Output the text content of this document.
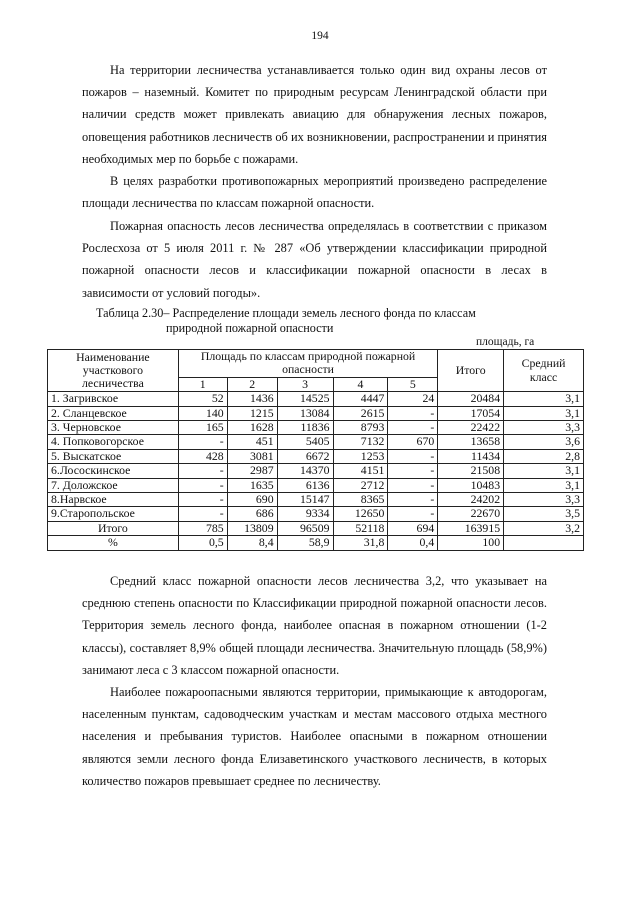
194

На территории лесничества устанавливается только один вид охраны лесов от пожаров – наземный. Комитет по природным ресурсам Ленинградской области при наличии средств может привлекать авиацию для обнаружения лесных пожаров, оповещения работников лесничеств об их возникновении, распространении и принятия необходимых мер по борьбе с пожарами.

В целях разработки противопожарных мероприятий произведено распределение площади лесничества по классам пожарной опасности.

Пожарная опасность лесов лесничества определялась в соответствии с приказом Рослесхоза от 5 июля 2011 г. № 287 «Об утверждении классификации природной пожарной опасности лесов и классификации пожарной опасности в лесах в зависимости от условий погоды».

Таблица 2.30– Распределение площади земель лесного фонда по классам
природной пожарной опасности
площадь, га
Наименование участкового лесничества	Площадь по классам природной пожарной опасности					Итого	Средний класс
	1	2	3	4	5		
1. Загривское	52	1436	14525	4447	24	20484	3,1
2. Сланцевское	140	1215	13084	2615	-	17054	3,1
3. Черновское	165	1628	11836	8793	-	22422	3,3
4. Попковогорское	-	451	5405	7132	670	13658	3,6
5. Выскатское	428	3081	6672	1253	-	11434	2,8
6.Лососкинское	-	2987	14370	4151	-	21508	3,1
7. Доложское	-	1635	6136	2712	-	10483	3,1
8.Нарвское	-	690	15147	8365	-	24202	3,3
9.Старопольское	-	686	9334	12650	-	22670	3,5
Итого	785	13809	96509	52118	694	163915	3,2
%	0,5	8,4	58,9	31,8	0,4	100	

Средний класс пожарной опасности лесов лесничества 3,2, что указывает на среднюю степень опасности по Классификации природной пожарной опасности лесов. Территория земель лесного фонда, наиболее опасная в пожарном отношении (1-2 классы), составляет 8,9% общей площади лесничества. Значительную площадь (58,9%) занимают леса с 3 классом пожарной опасности.

Наиболее пожароопасными являются территории, примыкающие к автодорогам, населенным пунктам, садоводческим участкам и местам массового отдыха местного населения и пребывания туристов. Наиболее опасными в пожарном отношении являются земли лесного фонда Елизаветинского участкового лесничеств, в которых количество пожаров превышает среднее по лесничеству.
